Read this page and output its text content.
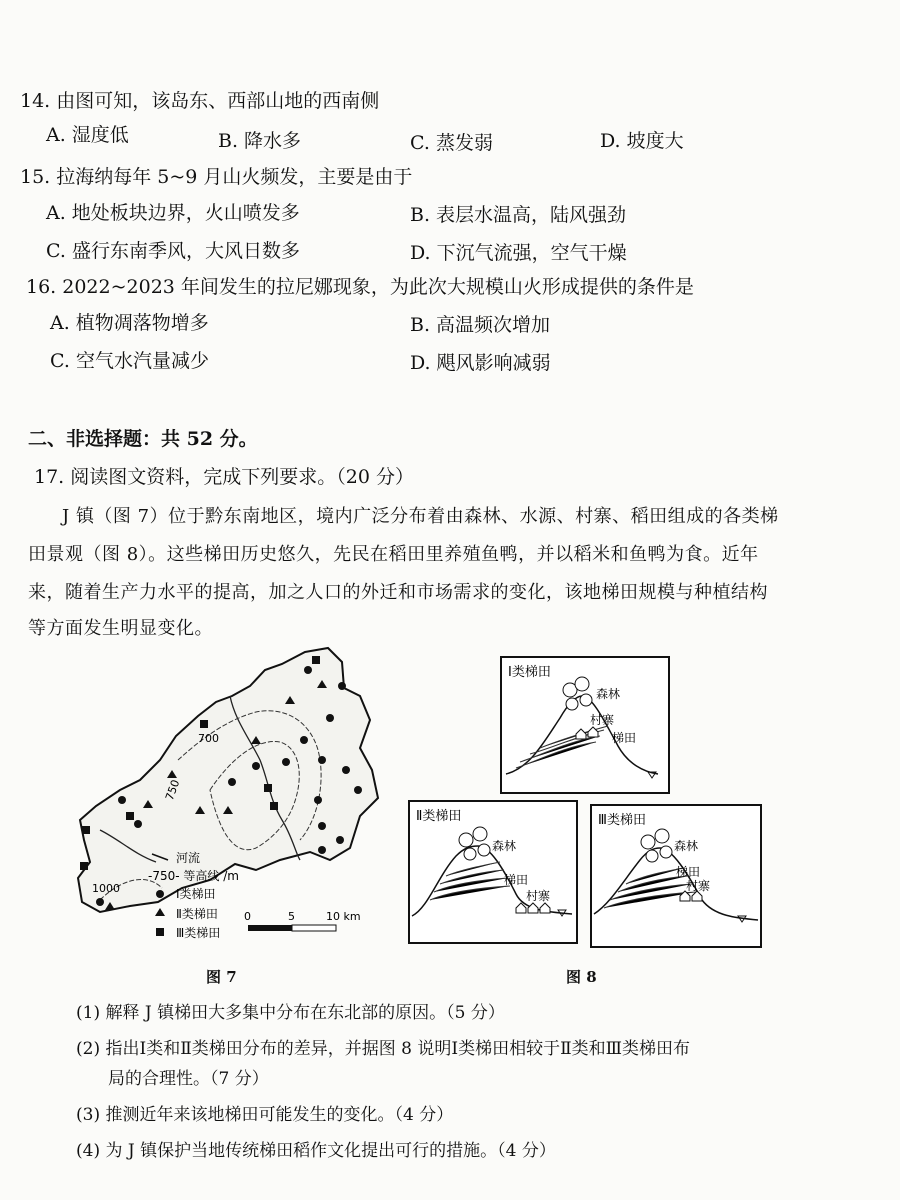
14. 由图可知，该岛东、西部山地的西南侧
A. 湿度低	B. 降水多	C. 蒸发弱	D. 坡度大
15. 拉海纳每年 5~9 月山火频发，主要是由于
A. 地处板块边界，火山喷发多	B. 表层水温高，陆风强劲
C. 盛行东南季风，大风日数多	D. 下沉气流强，空气干燥
16. 2022~2023 年间发生的拉尼娜现象，为此次大规模山火形成提供的条件是
A. 植物凋落物增多	B. 高温频次增加
C. 空气水汽量减少	D. 飓风影响减弱
二、非选择题：共 52 分。
17. 阅读图文资料，完成下列要求。（20 分）
J 镇（图 7）位于黔东南地区，境内广泛分布着由森林、水源、村寨、稻田组成的各类梯
田景观（图 8）。这些梯田历史悠久，先民在稻田里养殖鱼鸭，并以稻米和鱼鸭为食。近年
来，随着生产力水平的提高，加之人口的外迁和市场需求的变化，该地梯田规模与种植结构
等方面发生明显变化。
700
750
1000
河流
-750- 等高线 /m
Ⅰ类梯田
Ⅱ类梯田
Ⅲ类梯田
0	5	10 km
图 7
Ⅰ类梯田
森林
村寨
梯田
Ⅱ类梯田
森林
梯田
村寨
Ⅲ类梯田
森林
梯田
村寨
图 8
(1) 解释 J 镇梯田大多集中分布在东北部的原因。（5 分）
(2) 指出Ⅰ类和Ⅱ类梯田分布的差异，并据图 8 说明Ⅰ类梯田相较于Ⅱ类和Ⅲ类梯田布
局的合理性。（7 分）
(3) 推测近年来该地梯田可能发生的变化。（4 分）
(4) 为 J 镇保护当地传统梯田稻作文化提出可行的措施。（4 分）
